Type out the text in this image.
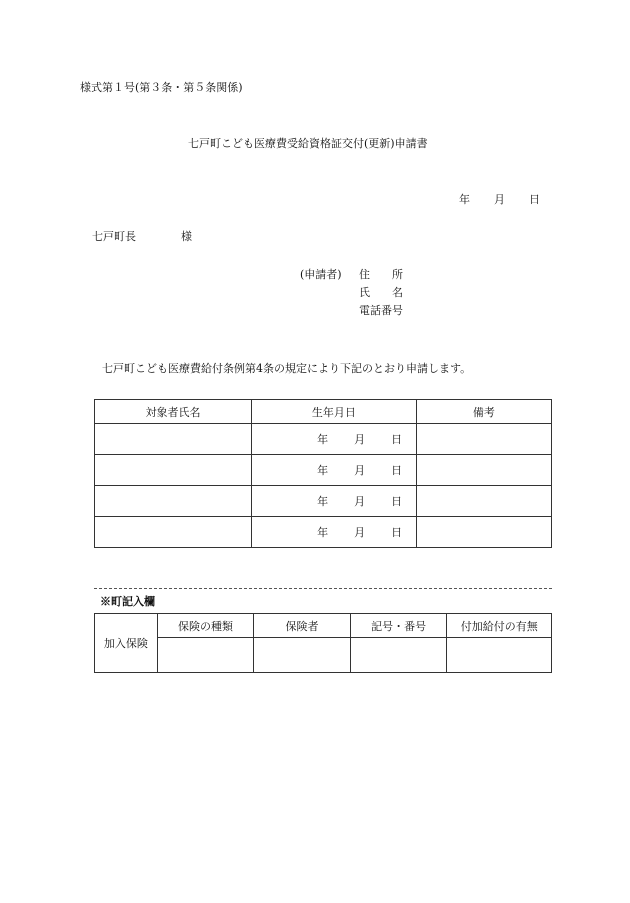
様式第１号(第３条・第５条関係)
七戸町こども医療費受給資格証交付(更新)申請書
年 月 日
七戸町長	様
(申請者) 住　　所
氏　　名
電話番号
七戸町こども医療費給付条例第4条の規定により下記のとおり申請します。
対象者氏名	生年月日	備考
	年 月 日	
	年 月 日	
	年 月 日	
	年 月 日	
※町記入欄
加入保険	保険の種類	保険者	記号・番号	付加給付の有無
